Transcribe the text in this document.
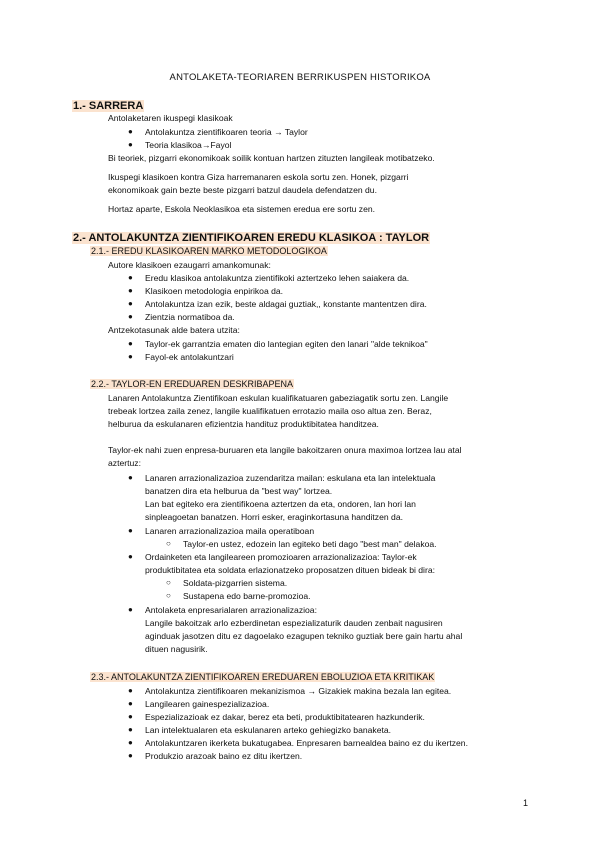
ANTOLAKETA-TEORIAREN BERRIKUSPEN HISTORIKOA
1.- SARRERA
Antolaketaren ikuspegi klasikoak
● Antolakuntza zientifikoaren teoria → Taylor
● Teoria klasikoa→Fayol
Bi teoriek, pizgarri ekonomikoak soilik kontuan hartzen zituzten langileak motibatzeko.
Ikuspegi klasikoen kontra Giza harremanaren eskola sortu zen. Honek, pizgarri
ekonomikoak gain bezte beste pizgarri batzul daudela defendatzen du.
Hortaz aparte, Eskola Neoklasikoa eta sistemen eredua ere sortu zen.
2.- ANTOLAKUNTZA ZIENTIFIKOAREN EREDU KLASIKOA : TAYLOR
2.1.- EREDU KLASIKOAREN MARKO METODOLOGIKOA
Autore klasikoen ezaugarri amankomunak:
● Eredu klasikoa antolakuntza zientifikoki aztertzeko lehen saiakera da.
● Klasikoen metodologia enpirikoa da.
● Antolakuntza izan ezik, beste aldagai guztiak,, konstante mantentzen dira.
● Zientzia normatiboa da.
Antzekotasunak alde batera utzita:
● Taylor-ek garrantzia ematen dio lantegian egiten den lanari "alde teknikoa"
● Fayol-ek antolakuntzari
2.2.- TAYLOR-EN EREDUAREN DESKRIBAPENA
Lanaren Antolakuntza Zientifikoan eskulan kualifikatuaren gabeziagatik sortu zen. Langile
trebeak lortzea zaila zenez, langile kualifikatuen errotazio maila oso altua zen. Beraz,
helburua da eskulanaren efizientzia handituz produktibitatea handitzea.
Taylor-ek nahi zuen enpresa-buruaren eta langile bakoitzaren onura maximoa lortzea lau atal
aztertuz:
● Lanaren arrazionalizazioa zuzendaritza mailan: eskulana eta lan intelektuala
banatzen dira eta helburua da "best way" lortzea.
Lan bat egiteko era zientifikoena aztertzen da eta, ondoren, lan hori lan
sinpleagoetan banatzen. Horri esker, eraginkortasuna handitzen da.
● Lanaren arrazionalizazioa maila operatiboan
○ Taylor-en ustez, edozein lan egiteko beti dago "best man" delakoa.
● Ordainketen eta langileareen promozioaren arrazionalizazioa: Taylor-ek
produktibitatea eta soldata erlazionatzeko proposatzen dituen bideak bi dira:
○ Soldata-pizgarrien sistema.
○ Sustapena edo barne-promozioa.
● Antolaketa enpresarialaren arrazionalizazioa:
Langile bakoitzak arlo ezberdinetan espezializaturik dauden zenbait nagusiren
aginduak jasotzen ditu ez dagoelako ezagupen tekniko guztiak bere gain hartu ahal
dituen nagusirik.
2.3.- ANTOLAKUNTZA ZIENTIFIKOAREN EREDUAREN EBOLUZIOA ETA KRITIKAK
● Antolakuntza zientifikoaren mekanizismoa → Gizakiek makina bezala lan egitea.
● Langilearen gainespezializazioa.
● Espezializazioak ez dakar, berez eta beti, produktibitatearen hazkunderik.
● Lan intelektualaren eta eskulanaren arteko gehiegizko banaketa.
● Antolakuntzaren ikerketa bukatugabea. Enpresaren barnealdea baino ez du ikertzen.
● Produkzio arazoak baino ez ditu ikertzen.
1
